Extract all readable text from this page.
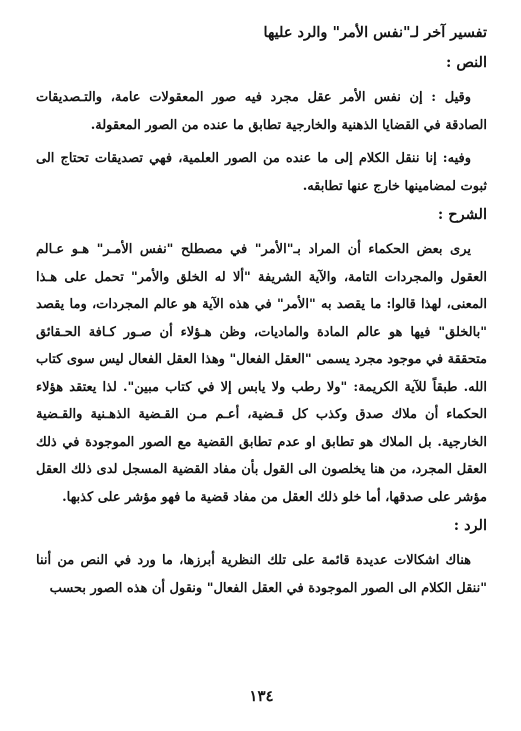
تفسير آخر لـ"نفس الأمر" والرد عليها
النص :

وقيل : إن نفس الأمر عقل مجرد فيه صور المعقولات عامة، والتـصديقات الصادقة في القضايا الذهنية والخارجية تطابق ما عنده من الصور المعقولة.

وفيه: إنا ننقل الكلام إلى ما عنده من الصور العلمية، فهي تصديقات تحتاج الى ثبوت لمضامينها خارج عنها تطابقه.

الشرح :

يرى بعض الحكماء أن المراد بـ"الأمر" في مصطلح "نفس الأمـر" هـو عـالم العقول والمجردات التامة، والآية الشريفة "ألا له الخلق والأمر" تحمل على هـذا المعنى، لهذا قالوا: ما يقصد به "الأمر" في هذه الآية هو عالم المجردات، وما يقصد "بالخلق" فيها هو عالم المادة والماديات، وظن هـؤلاء أن صـور كـافة الحـقائق متحققة في موجود مجرد يسمى "العقل الفعال" وهذا العقل الفعال ليس سوى كتاب الله. طبقاً للآية الكريمة: "ولا رطب ولا يابس إلا في كتاب مبين". لذا يعتقد هؤلاء الحكماء أن ملاك صدق وكذب كل قـضية، أعـم مـن القـضية الذهـنية والقـضية الخارجية. بل الملاك هو تطابق او عدم تطابق القضية مع الصور الموجودة في ذلك العقل المجرد، من هنا يخلصون الى القول بأن مفاد القضية المسجل لدى ذلك العقل مؤشر على صدقها، أما خلو ذلك العقل من مفاد قضية ما فهو مؤشر على كذبها.

الرد :

هناك اشكالات عديدة قائمة على تلك النظرية أبرزها، ما ورد في النص من أننا "ننقل الكلام الى الصور الموجودة في العقل الفعال" ونقول أن هذه الصور بحسب

١٣٤
